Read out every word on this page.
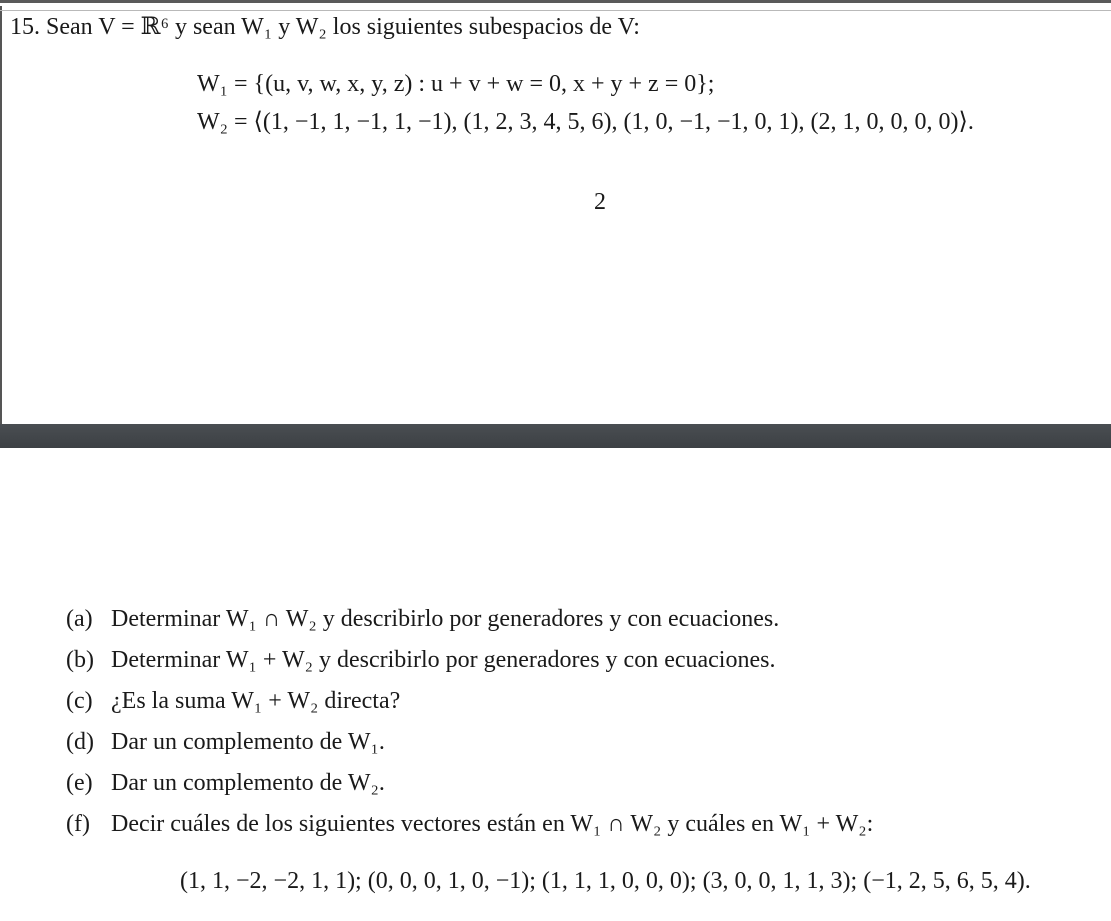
15. Sean V = ℝ⁶ y sean W₁ y W₂ los siguientes subespacios de V:
W₁ = {(u, v, w, x, y, z) : u + v + w = 0, x + y + z = 0};
W₂ = ⟨(1, −1, 1, −1, 1, −1), (1, 2, 3, 4, 5, 6), (1, 0, −1, −1, 0, 1), (2, 1, 0, 0, 0, 0)⟩.
2
(a) Determinar W₁ ∩ W₂ y describirlo por generadores y con ecuaciones.
(b) Determinar W₁ + W₂ y describirlo por generadores y con ecuaciones.
(c) ¿Es la suma W₁ + W₂ directa?
(d) Dar un complemento de W₁.
(e) Dar un complemento de W₂.
(f) Decir cuáles de los siguientes vectores están en W₁ ∩ W₂ y cuáles en W₁ + W₂:
(1, 1, −2, −2, 1, 1); (0, 0, 0, 1, 0, −1); (1, 1, 1, 0, 0, 0); (3, 0, 0, 1, 1, 3); (−1, 2, 5, 6, 5, 4).
